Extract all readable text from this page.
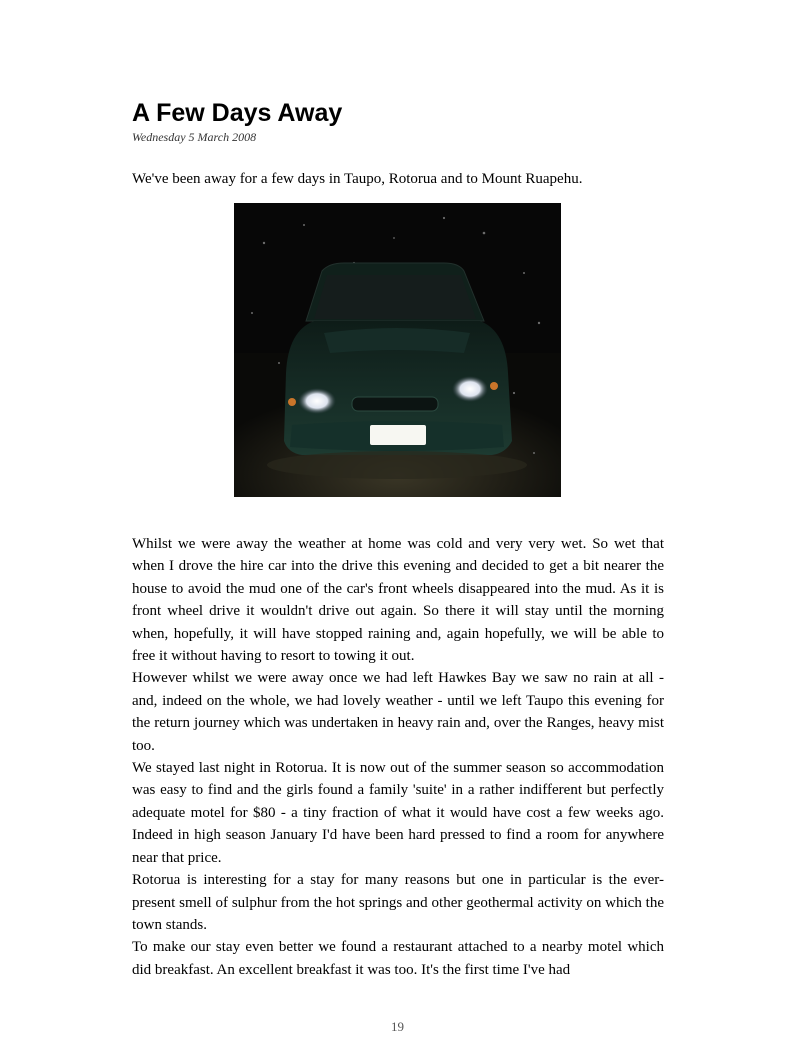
A Few Days Away
Wednesday 5 March 2008

We've been away for a few days in Taupo, Rotorua and to Mount Ruapehu.

Whilst we were away the weather at home was cold and very very wet. So wet that when I drove the hire car into the drive this evening and decided to get a bit nearer the house to avoid the mud one of the car's front wheels disappeared into the mud. As it is front wheel drive it wouldn't drive out again. So there it will stay until the morning when, hopefully, it will have stopped raining and, again hopefully, we will be able to free it without having to resort to towing it out.

However whilst we were away once we had left Hawkes Bay we saw no rain at all - and, indeed on the whole, we had lovely weather - until we left Taupo this evening for the return journey which was undertaken in heavy rain and, over the Ranges, heavy mist too.

We stayed last night in Rotorua. It is now out of the summer season so accommodation was easy to find and the girls found a family 'suite' in a rather indifferent but perfectly adequate motel for $80 - a tiny fraction of what it would have cost a few weeks ago. Indeed in high season January I'd have been hard pressed to find a room for anywhere near that price.

Rotorua is interesting for a stay for many reasons but one in particular is the ever-present smell of sulphur from the hot springs and other geothermal activity on which the town stands.

To make our stay even better we found a restaurant attached to a nearby motel which did breakfast. An excellent breakfast it was too. It's the first time I've had

19
